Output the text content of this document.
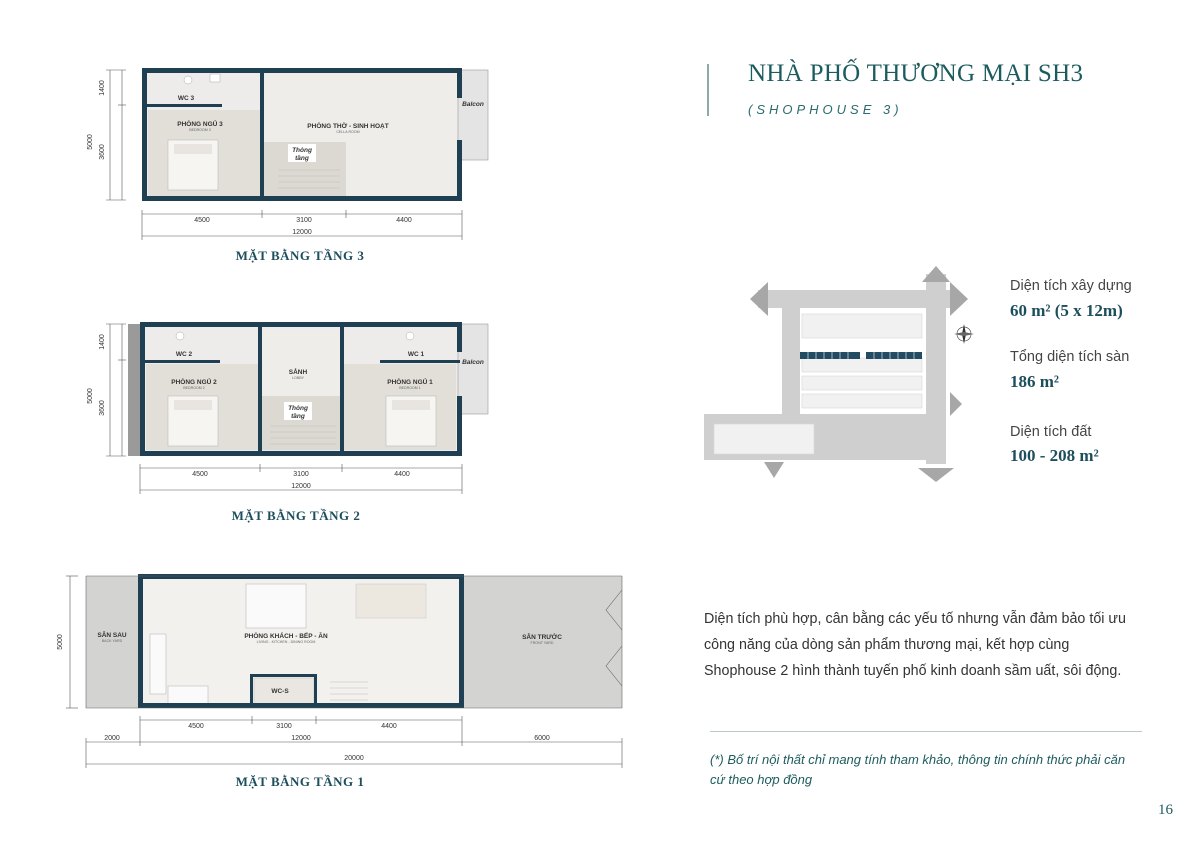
5000
1400
3600
WC 3
PHÒNG NGỦ 3
BEDROOM 3	PHÒNG THỜ - SINH HOẠT
CELLA ROOM
Thông
tầng
Balcon
4500	3100	4400
12000
MẶT BẰNG TẦNG 3
5000
1400
3600
WC 2	WC 1
SẢNH
LOBBY
PHÒNG NGỦ 2
BEDROOM 2
PHÒNG NGỦ 1
BEDROOM 1
Thông
tầng
Balcon
4500	3100	4400
12000
MẶT BẰNG TẦNG 2
5000	SÂN SAU
BACK YARD
PHÒNG KHÁCH - BẾP - ĂN
LIVING - KITCHEN - DINING ROOM
WC-S
SÂN TRƯỚC
FRONT YARD
4500	3100	4400
2000	12000	6000
20000
MẶT BẰNG TẦNG 1
NHÀ PHỐ THƯƠNG MẠI SH3
(SHOPHOUSE 3)
Diện tích xây dựng
60 m² (5 x 12m)
Tổng diện tích sàn
186 m²
Diện tích đất
100 - 208 m²
Diện tích phù hợp, cân bằng các yếu tố nhưng vẫn đảm bảo tối ưu công năng của dòng sản phẩm thương mại, kết hợp cùng Shophouse 2 hình thành tuyến phố kinh doanh sầm uất, sôi động.
(*) Bố trí nội thất chỉ mang tính tham khảo, thông tin chính thức phải căn cứ theo hợp đồng
16
